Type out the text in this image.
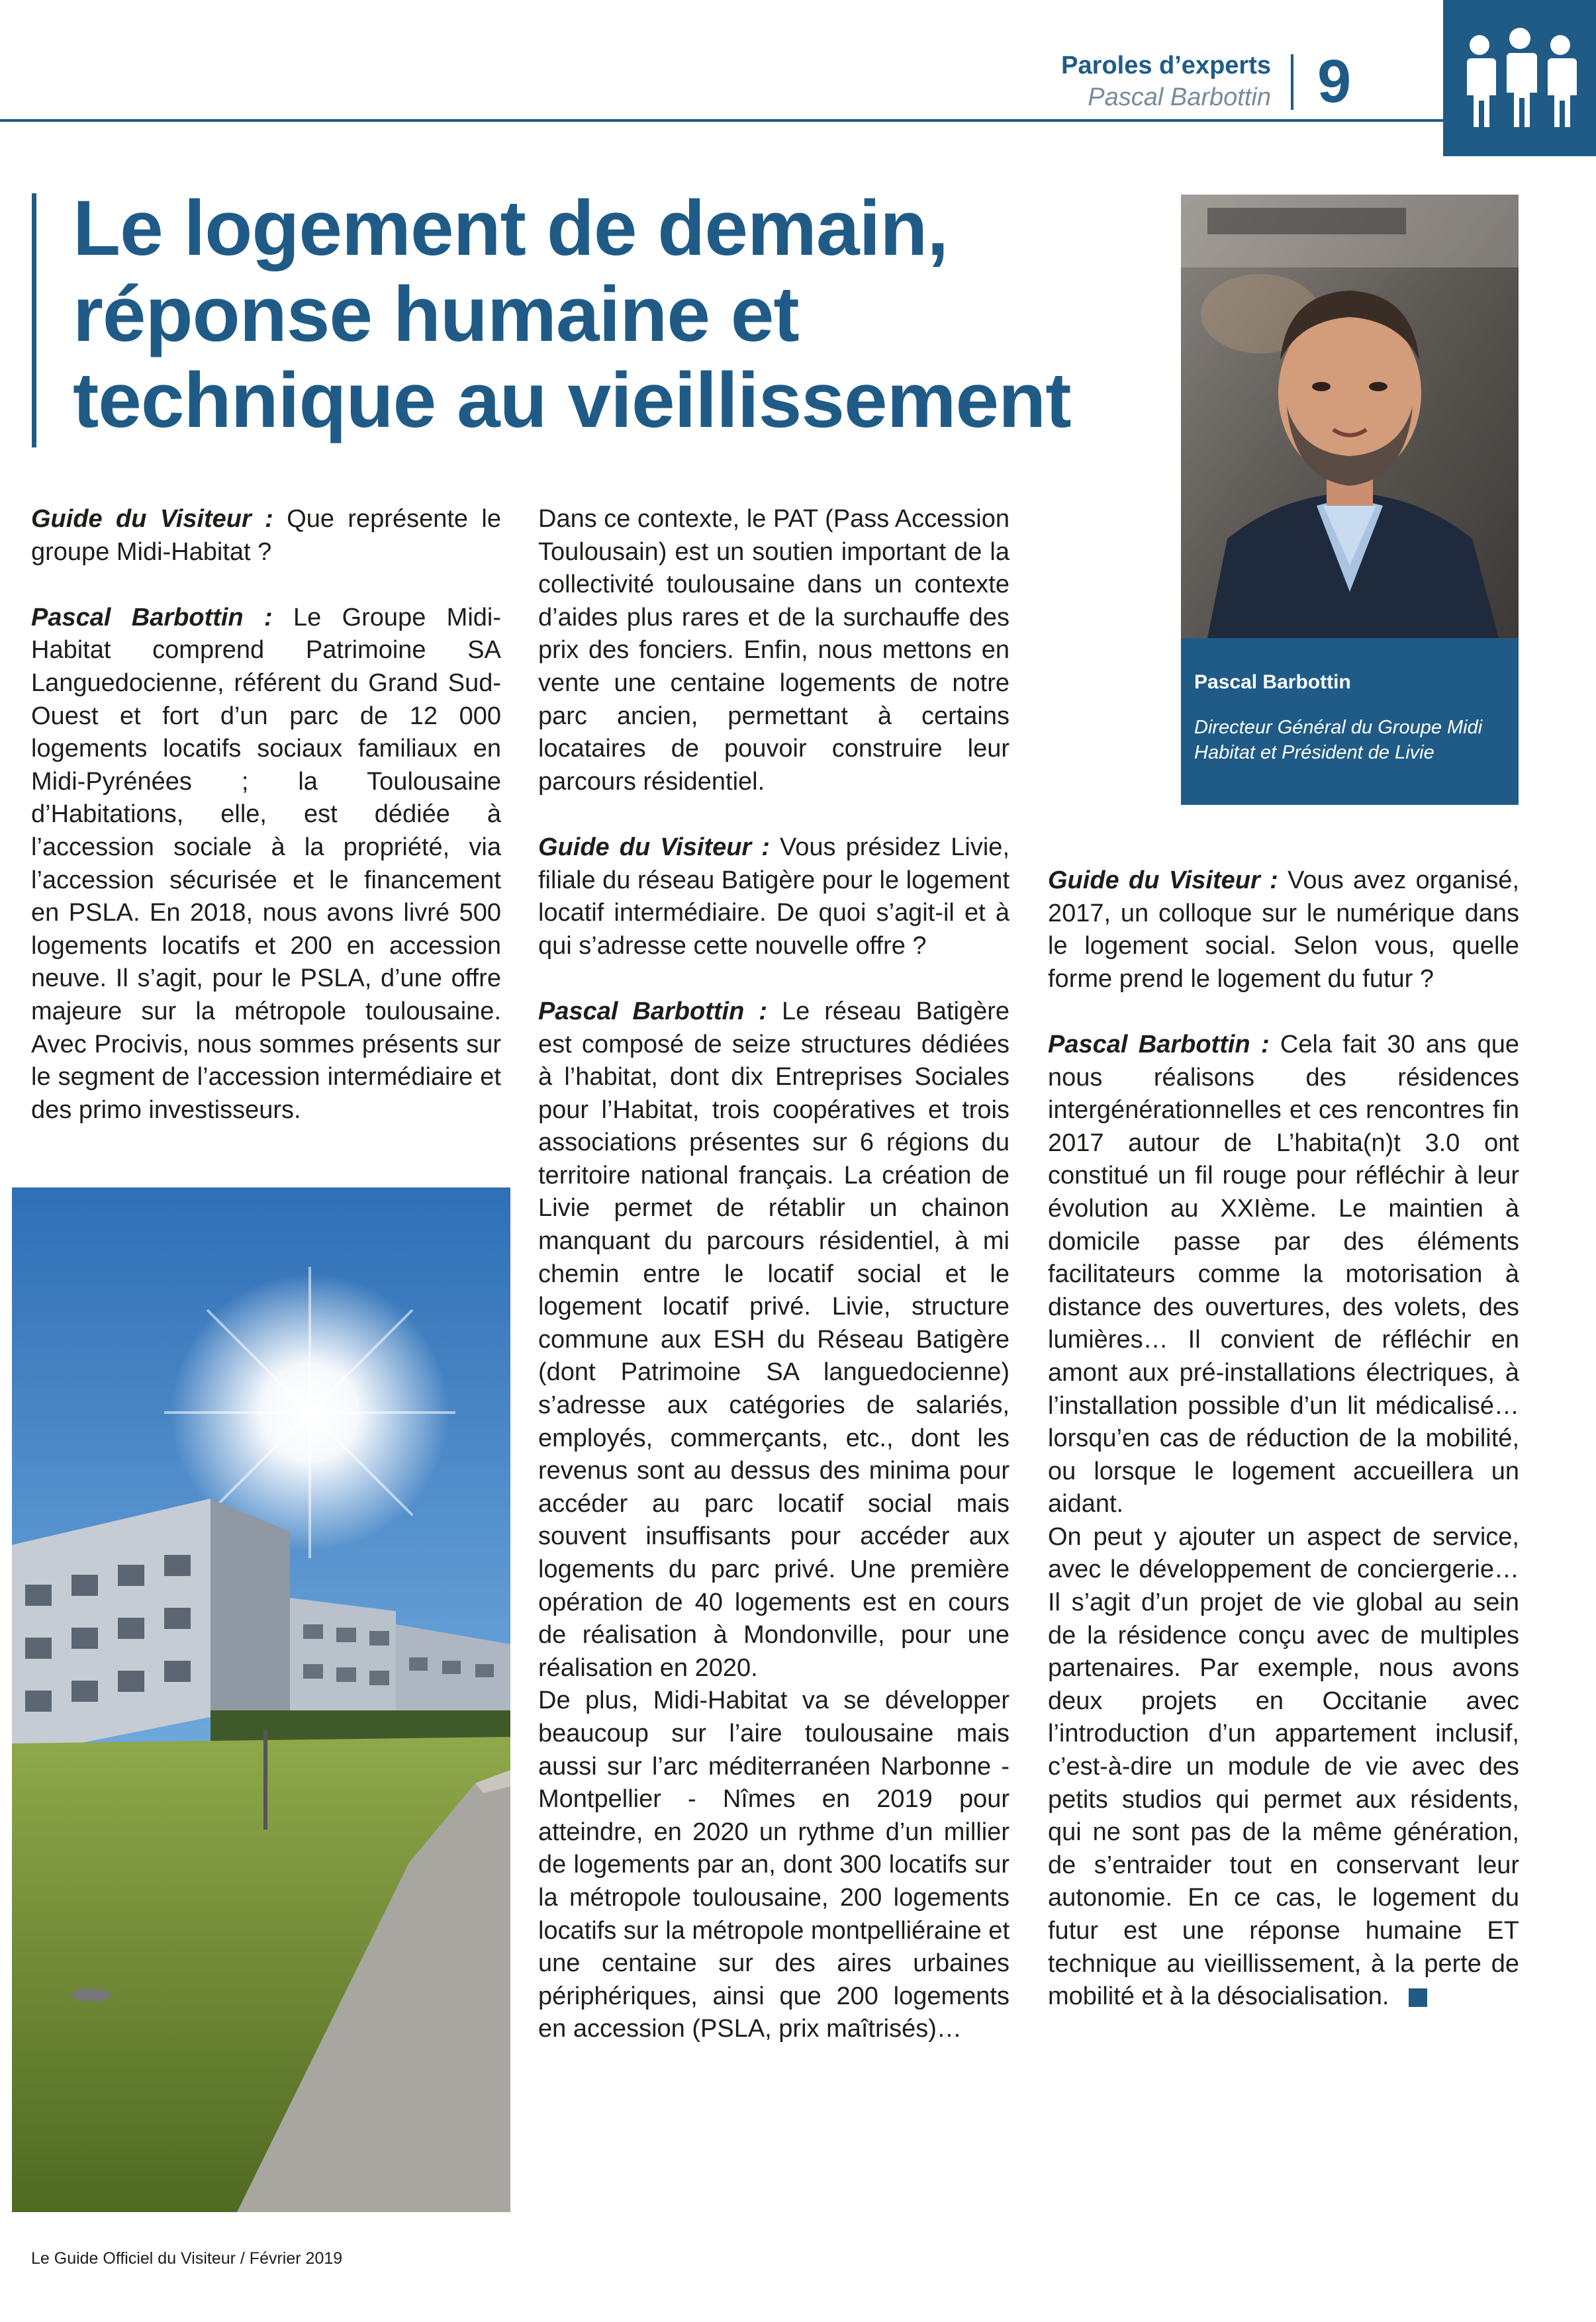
Paroles d’experts
Pascal Barbottin 9
Le logement de demain,
réponse humaine et
technique au vieillissement
Pascal Barbottin
Directeur Général du Groupe Midi Habitat et Président de Livie

Guide du Visiteur : Que représente le groupe Midi-Habitat ?

Pascal Barbottin : Le Groupe Midi-Habitat comprend Patrimoine SA Languedocienne, référent du Grand Sud-Ouest et fort d’un parc de 12 000 logements locatifs sociaux familiaux en Midi-Pyrénées ; la Toulousaine d’Habitations, elle, est dédiée à l’accession sociale à la propriété, via l’accession sécurisée et le financement en PSLA. En 2018, nous avons livré 500 logements locatifs et 200 en accession neuve. Il s’agit, pour le PSLA, d’une offre majeure sur la métropole toulousaine. Avec Procivis, nous sommes présents sur le segment de l’accession intermédiaire et des primo investisseurs.

Dans ce contexte, le PAT (Pass Accession Toulousain) est un soutien important de la collectivité toulousaine dans un contexte d’aides plus rares et de la surchauffe des prix des fonciers. Enfin, nous mettons en vente une centaine logements de notre parc ancien, permettant à certains locataires de pouvoir construire leur parcours résidentiel.

Guide du Visiteur : Vous présidez Livie, filiale du réseau Batigère pour le logement locatif intermédiaire. De quoi s’agit-il et à qui s’adresse cette nouvelle offre ?

Pascal Barbottin : Le réseau Batigère est composé de seize structures dédiées à l’habitat, dont dix Entreprises Sociales pour l’Habitat, trois coopératives et trois associations présentes sur 6 régions du territoire national français. La création de Livie permet de rétablir un chainon manquant du parcours résidentiel, à mi chemin entre le locatif social et le logement locatif privé. Livie, structure commune aux ESH du Réseau Batigère (dont Patrimoine SA languedocienne) s’adresse aux catégories de salariés, employés, commerçants, etc., dont les revenus sont au dessus des minima pour accéder au parc locatif social mais souvent insuffisants pour accéder aux logements du parc privé. Une première opération de 40 logements est en cours de réalisation à Mondonville, pour une réalisation en 2020.

De plus, Midi-Habitat va se développer beaucoup sur l’aire toulousaine mais aussi sur l’arc méditerranéen Narbonne - Montpellier - Nîmes en 2019 pour atteindre, en 2020 un rythme d’un millier de logements par an, dont 300 locatifs sur la métropole toulousaine, 200 logements locatifs sur la métropole montpelliéraine et une centaine sur des aires urbaines périphériques, ainsi que 200 logements en accession (PSLA, prix maîtrisés)…

Guide du Visiteur : Vous avez organisé, 2017, un colloque sur le numérique dans le logement social. Selon vous, quelle forme prend le logement du futur ?

Pascal Barbottin : Cela fait 30 ans que nous réalisons des résidences intergénérationnelles et ces rencontres fin 2017 autour de L’habita(n)t 3.0 ont constitué un fil rouge pour réfléchir à leur évolution au XXIème. Le maintien à domicile passe par des éléments facilitateurs comme la motorisation à distance des ouvertures, des volets, des lumières… Il convient de réfléchir en amont aux pré-installations électriques, à l’installation possible d’un lit médicalisé… lorsqu’en cas de réduction de la mobilité, ou lorsque le logement accueillera un aidant.

On peut y ajouter un aspect de service, avec le développement de conciergerie… Il s’agit d’un projet de vie global au sein de la résidence conçu avec de multiples partenaires. Par exemple, nous avons deux projets en Occitanie avec l’introduction d’un appartement inclusif, c’est-à-dire un module de vie avec des petits studios qui permet aux résidents, qui ne sont pas de la même génération, de s’entraider tout en conservant leur autonomie. En ce cas, le logement du futur est une réponse humaine ET technique au vieillissement, à la perte de mobilité et à la désocialisation.

Le Guide Officiel du Visiteur / Février 2019
